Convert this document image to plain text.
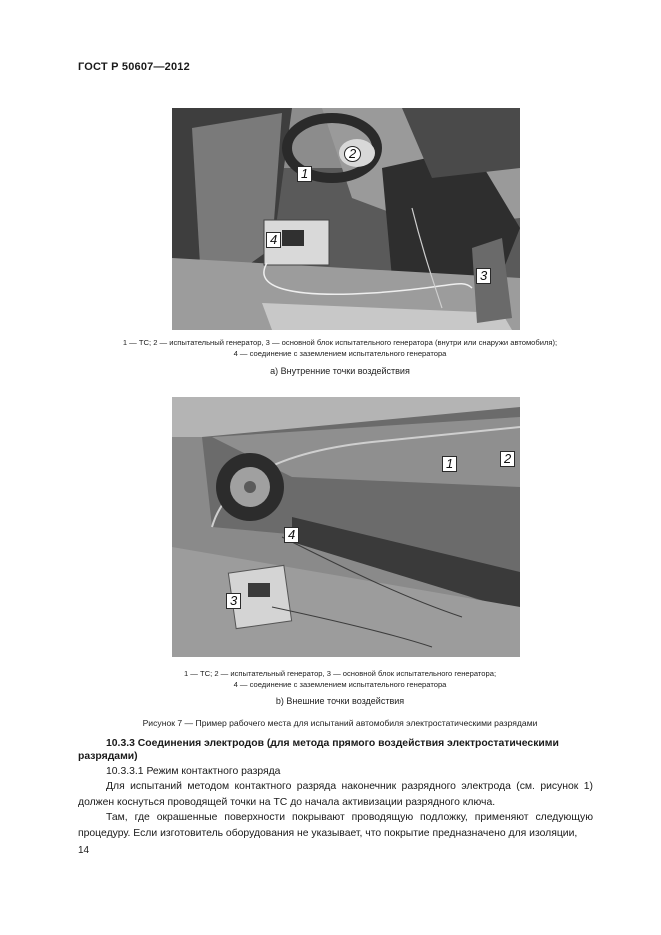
ГОСТ Р 50607—2012
1
2
3
4
1 — ТС; 2 — испытательный генератор, 3 — основной блок испытательного генератора (внутри или снаружи автомобиля);
4 — соединение с заземлением испытательного генератора
а) Внутренние точки воздействия
1	2
3
4
1 — ТС; 2 — испытательный генератор, 3 — основной блок испытательного генератора;
4 — соединение с заземлением испытательного генератора
b) Внешние точки воздействия
Рисунок 7 — Пример рабочего места для испытаний автомобиля электростатическими разрядами
10.3.3 Соединения электродов (для метода прямого воздействия электростатическими разрядами)
10.3.3.1 Режим контактного разряда
Для испытаний методом контактного разряда наконечник разрядного электрода (см. рисунок 1) должен коснуться проводящей точки на ТС до начала активизации разрядного ключа.
Там, где окрашенные поверхности покрывают проводящую подложку, применяют следующую процедуру. Если изготовитель оборудования не указывает, что покрытие предназначено для изоляции,
14
